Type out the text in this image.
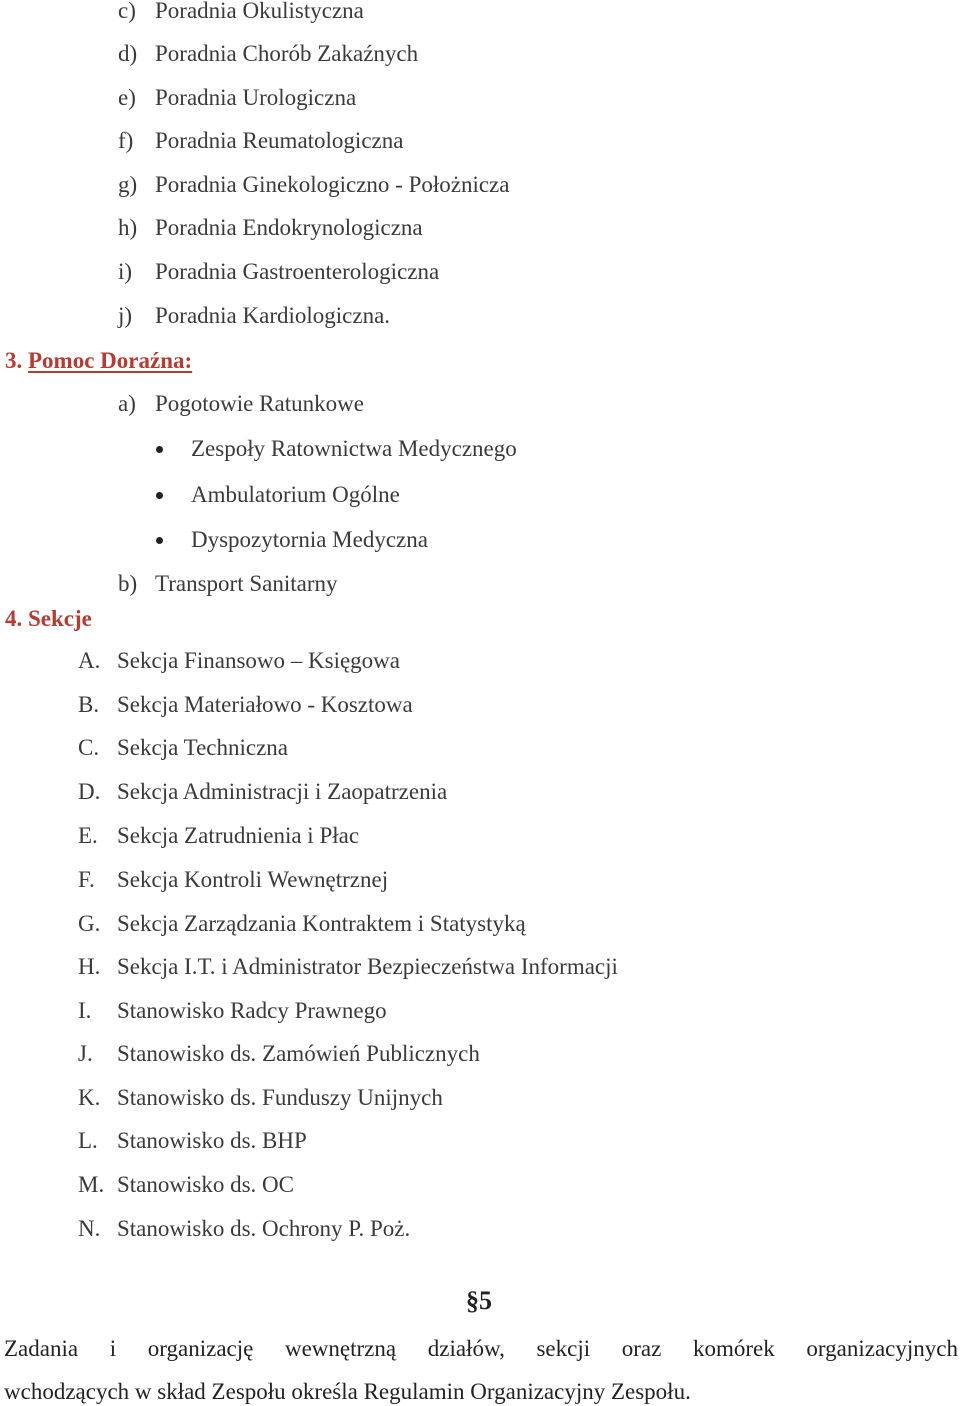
c) Poradnia Okulistyczna
d) Poradnia Chorób Zakaźnych
e) Poradnia Urologiczna
f) Poradnia Reumatologiczna
g) Poradnia Ginekologiczno - Położnicza
h) Poradnia Endokrynologiczna
i) Poradnia Gastroenterologiczna
j) Poradnia Kardiologiczna.
3. Pomoc Doraźna:
a) Pogotowie Ratunkowe
Zespoły Ratownictwa Medycznego
Ambulatorium Ogólne
Dyspozytornia Medyczna
b) Transport Sanitarny
4. Sekcje
A. Sekcja Finansowo – Księgowa
B. Sekcja Materiałowo - Kosztowa
C. Sekcja Techniczna
D. Sekcja Administracji i Zaopatrzenia
E. Sekcja Zatrudnienia i Płac
F. Sekcja Kontroli Wewnętrznej
G. Sekcja Zarządzania Kontraktem i Statystyką
H. Sekcja I.T. i Administrator Bezpieczeństwa Informacji
I. Stanowisko Radcy Prawnego
J. Stanowisko ds. Zamówień Publicznych
K. Stanowisko ds. Funduszy Unijnych
L. Stanowisko ds. BHP
M. Stanowisko ds. OC
N. Stanowisko ds. Ochrony P. Poż.
§5
Zadania i organizację wewnętrzną działów, sekcji oraz komórek organizacyjnych
wchodzących w skład Zespołu określa Regulamin Organizacyjny Zespołu.
